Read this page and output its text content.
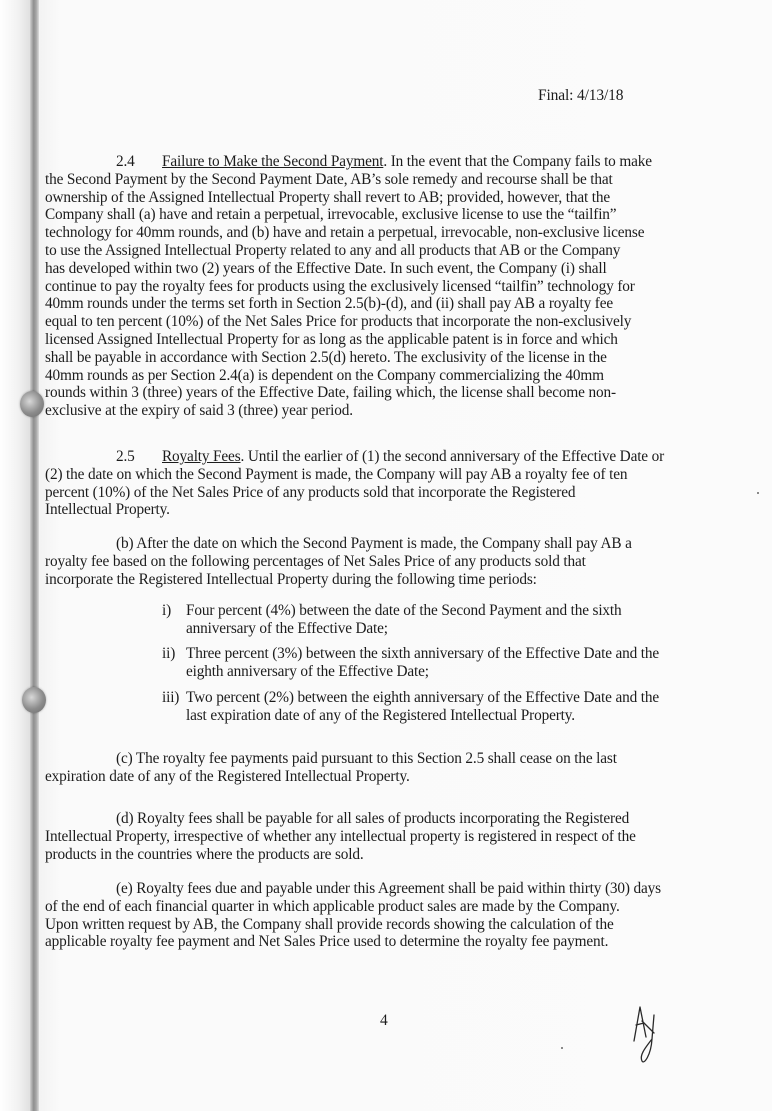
Final: 4/13/18
2.4 Failure to Make the Second Payment. In the event that the Company fails to make
the Second Payment by the Second Payment Date, AB’s sole remedy and recourse shall be that
ownership of the Assigned Intellectual Property shall revert to AB; provided, however, that the
Company shall (a) have and retain a perpetual, irrevocable, exclusive license to use the “tailfin”
technology for 40mm rounds, and (b) have and retain a perpetual, irrevocable, non-exclusive license
to use the Assigned Intellectual Property related to any and all products that AB or the Company
has developed within two (2) years of the Effective Date. In such event, the Company (i) shall
continue to pay the royalty fees for products using the exclusively licensed “tailfin” technology for
40mm rounds under the terms set forth in Section 2.5(b)-(d), and (ii) shall pay AB a royalty fee
equal to ten percent (10%) of the Net Sales Price for products that incorporate the non-exclusively
licensed Assigned Intellectual Property for as long as the applicable patent is in force and which
shall be payable in accordance with Section 2.5(d) hereto. The exclusivity of the license in the
40mm rounds as per Section 2.4(a) is dependent on the Company commercializing the 40mm
rounds within 3 (three) years of the Effective Date, failing which, the license shall become non-
exclusive at the expiry of said 3 (three) year period.
2.5 Royalty Fees. Until the earlier of (1) the second anniversary of the Effective Date or
(2) the date on which the Second Payment is made, the Company will pay AB a royalty fee of ten
percent (10%) of the Net Sales Price of any products sold that incorporate the Registered
Intellectual Property.
(b) After the date on which the Second Payment is made, the Company shall pay AB a
royalty fee based on the following percentages of Net Sales Price of any products sold that
incorporate the Registered Intellectual Property during the following time periods:
i) Four percent (4%) between the date of the Second Payment and the sixth
anniversary of the Effective Date;
ii) Three percent (3%) between the sixth anniversary of the Effective Date and the
eighth anniversary of the Effective Date;
iii) Two percent (2%) between the eighth anniversary of the Effective Date and the
last expiration date of any of the Registered Intellectual Property.
(c) The royalty fee payments paid pursuant to this Section 2.5 shall cease on the last
expiration date of any of the Registered Intellectual Property.
(d) Royalty fees shall be payable for all sales of products incorporating the Registered
Intellectual Property, irrespective of whether any intellectual property is registered in respect of the
products in the countries where the products are sold.
(e) Royalty fees due and payable under this Agreement shall be paid within thirty (30) days
of the end of each financial quarter in which applicable product sales are made by the Company.
Upon written request by AB, the Company shall provide records showing the calculation of the
applicable royalty fee payment and Net Sales Price used to determine the royalty fee payment.
4
